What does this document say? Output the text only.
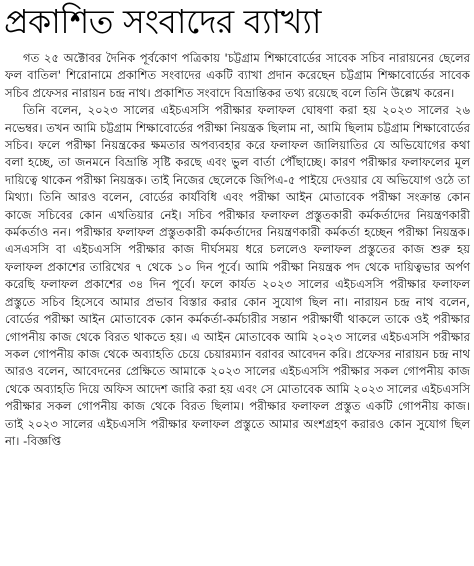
প্রকাশিত সংবাদের ব্যাখ্যা

গত ২৫ অক্টোবর দৈনিক পূর্বকোণ পত্রিকায় 'চট্টগ্রাম শিক্ষাবোর্ডের সাবেক সচিব নারায়নের ছেলের ফল বাতিল' শিরোনামে প্রকাশিত সংবাদের একটি ব্যাখা প্রদান করেছেন চট্টগ্রাম শিক্ষাবোর্ডের সাবেক সচিব প্রফেসর নারায়ন চন্দ্র নাথ। প্রকাশিত সংবাদে বিভ্রান্তিকর তথ্য রয়েছে বলে তিনি উল্লেখ করেন।

তিনি বলেন, ২০২৩ সালের এইচএসসি পরীক্ষার ফলাফল ঘোষণা করা হয় ২০২৩ সালের ২৬ নভেম্বর। তখন আমি চট্টগ্রাম শিক্ষাবোর্ডের পরীক্ষা নিয়ন্ত্রক ছিলাম না, আমি ছিলাম চট্টগ্রাম শিক্ষাবোর্ডের সচিব। ফলে পরীক্ষা নিয়ন্ত্রকের ক্ষমতার অপব্যবহার করে ফলাফল জালিয়াতির যে অভিযোগের কথা বলা হচ্ছে, তা জনমনে বিভ্রান্তি সৃষ্টি করছে এবং ভুল বার্তা পৌঁছাচ্ছে। কারণ পরীক্ষার ফলাফলের মূল দায়িত্বে থাকেন পরীক্ষা নিয়ন্ত্রক। তাই নিজের ছেলেকে জিপিএ-৫ পাইয়ে দেওয়ার যে অভিযোগ ওঠে তা মিথ্যা। তিনি আরও বলেন, বোর্ডের কার্যবিধি এবং পরীক্ষা আইন মোতাবেক পরীক্ষা সংক্রান্ত কোন কাজে সচিবের কোন এখতিয়ার নেই। সচিব পরীক্ষার ফলাফল প্রস্তুতকারী কর্মকর্তাদের নিয়ন্ত্রণকারী কর্মকর্তাও নন। পরীক্ষার ফলাফল প্রস্তুতকারী কর্মকর্তাদের নিয়ন্ত্রণকারী কর্মকর্তা হচ্ছেন পরীক্ষা নিয়ন্ত্রক। এসএসসি বা এইচএসসি পরীক্ষার কাজ দীর্ঘসময় ধরে চললেও ফলাফল প্রস্তুতের কাজ শুরু হয় ফলাফল প্রকাশের তারিখের ৭ থেকে ১০ দিন পূর্বে। আমি পরীক্ষা নিয়ন্ত্রক পদ থেকে দায়িত্বভার অর্পণ করেছি ফলাফল প্রকাশের ৩৪ দিন পূর্বে। ফলে কার্যত ২০২৩ সালের এইচএসসি পরীক্ষার ফলাফল প্রস্তুতে সচিব হিসেবে আমার প্রভাব বিস্তার করার কোন সুযোগ ছিল না। নারায়ন চন্দ্র নাথ বলেন, বোর্ডের পরীক্ষা আইন মোতাবেক কোন কর্মকর্তা-কর্মচারীর সন্তান পরীক্ষার্থী থাকলে তাকে ওই পরীক্ষার গোপনীয় কাজ থেকে বিরত থাকতে হয়। এ আইন মোতাবেক আমি ২০২৩ সালের এইচএসসি পরীক্ষার সকল গোপনীয় কাজ থেকে অব্যাহতি চেয়ে চেয়ারম্যান বরাবর আবেদন করি। প্রফেসর নারায়ন চন্দ্র নাথ আরও বলেন, আবেদনের প্রেক্ষিতে আমাকে ২০২৩ সালের এইচএসসি পরীক্ষার সকল গোপনীয় কাজ থেকে অব্যাহতি দিয়ে অফিস আদেশ জারি করা হয় এবং সে মোতাবেক আমি ২০২৩ সালের এইচএসসি পরীক্ষার সকল গোপনীয় কাজ থেকে বিরত ছিলাম। পরীক্ষার ফলাফল প্রস্তুত একটি গোপনীয় কাজ। তাই ২০২৩ সালের এইচএসসি পরীক্ষার ফলাফল প্রস্তুতে আমার অংশগ্রহণ করারও কোন সুযোগ ছিল না। -বিজ্ঞপ্তি
